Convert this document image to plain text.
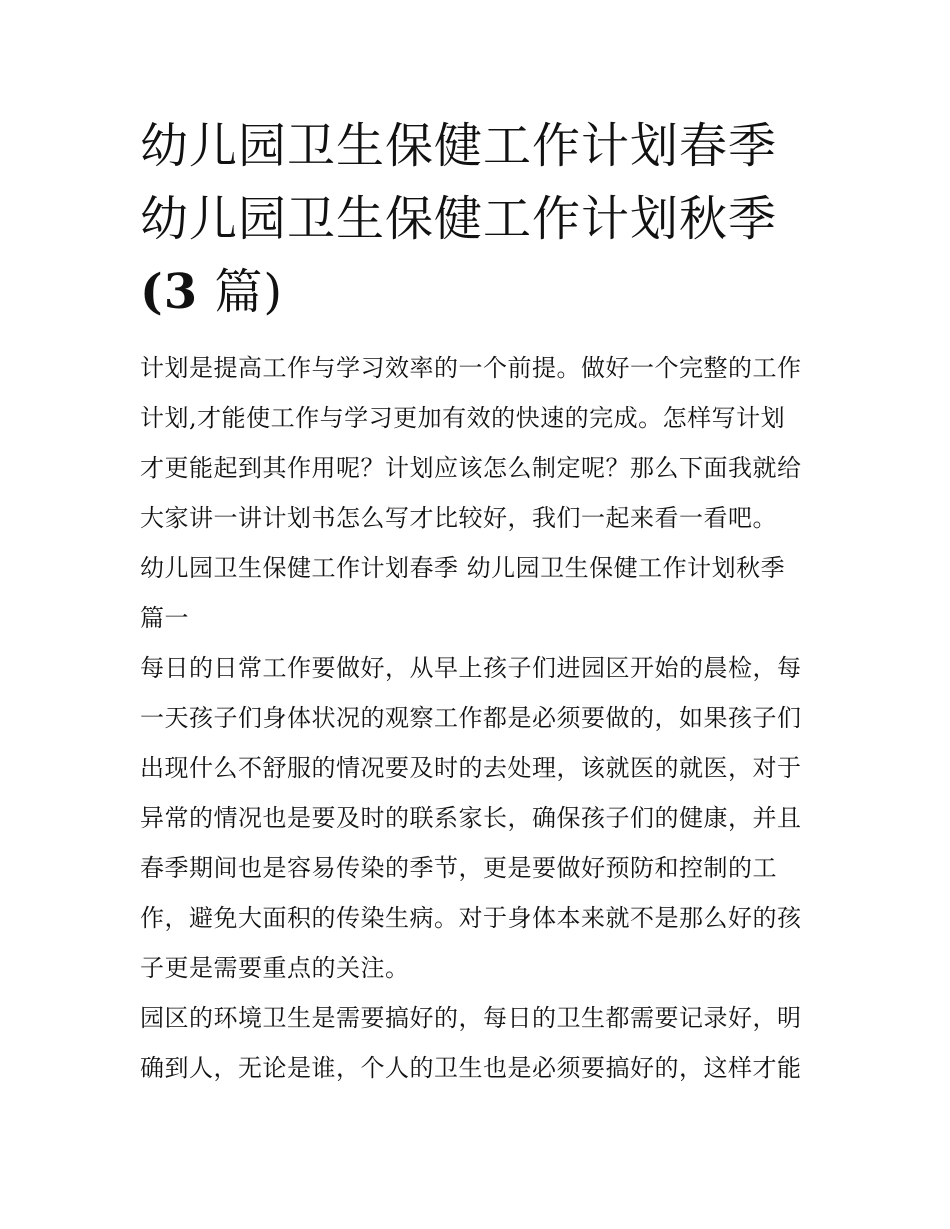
幼儿园卫生保健工作计划春季
幼儿园卫生保健工作计划秋季
(3 篇)

计划是提高工作与学习效率的一个前提。做好一个完整的工作
计划,才能使工作与学习更加有效的快速的完成。怎样写计划
才更能起到其作用呢？计划应该怎么制定呢？那么下面我就给
大家讲一讲计划书怎么写才比较好，我们一起来看一看吧。

幼儿园卫生保健工作计划春季 幼儿园卫生保健工作计划秋季
篇一

每日的日常工作要做好，从早上孩子们进园区开始的晨检，每
一天孩子们身体状况的观察工作都是必须要做的，如果孩子们
出现什么不舒服的情况要及时的去处理，该就医的就医，对于
异常的情况也是要及时的联系家长，确保孩子们的健康，并且
春季期间也是容易传染的季节，更是要做好预防和控制的工
作，避免大面积的传染生病。对于身体本来就不是那么好的孩
子更是需要重点的关注。

园区的环境卫生是需要搞好的，每日的卫生都需要记录好，明
确到人，无论是谁，个人的卫生也是必须要搞好的，这样才能
